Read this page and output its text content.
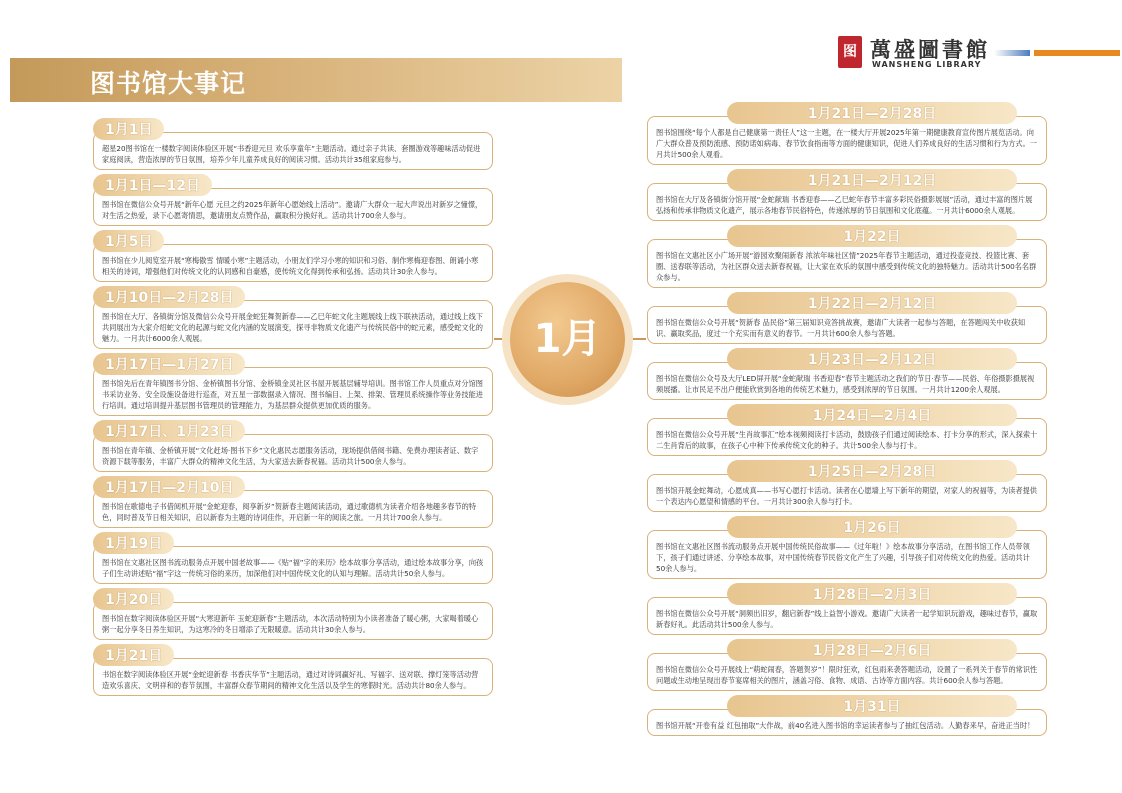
图书馆大事记
图 萬盛圖書館
WANSHENG LIBRARY
1月
1月1日
超星20图书馆在一楼数字阅读体验区开展“书香迎元旦 欢乐享童年”主题活动。通过亲子共读、套圈游戏等趣味活动促进家庭阅读，营造浓厚的节日氛围，培养少年儿童养成良好的阅读习惯。活动共计35组家庭参与。
1月1日—12日
图书馆在微信公众号开展“新年心愿 元旦之约2025年新年心愿始线上活动”。邀请广大群众一起大声说出对新岁之憧憬，对生活之热爱，录下心愿寄情思，邀请朋友点赞作品，赢取积分换好礼。活动共计700余人参与。
1月5日
图书馆在少儿阅览室开展“寒梅傲雪 情暖小寒”主题活动，小朋友们学习小寒的知识和习俗、制作寒梅迎春图、朗诵小寒相关的诗词，增强他们对传统文化的认同感和自豪感，使传统文化得到传承和弘扬。活动共计30余人参与。
1月10日—2月28日
图书馆在大厅、各镇街分馆及微信公众号开展金蛇狂舞贺新春——乙巳年蛇文化主题展线上线下联袂活动，通过线上线下共同展出为大家介绍蛇文化的起源与蛇文化内涵的发展演变，探寻非物质文化遗产与传统民俗中的蛇元素，感受蛇文化的魅力。一月共计6000余人观展。
1月17日—1月27日
图书馆先后在青年镇图书分馆、金桥镇图书分馆、金桥镇金灵社区书屋开展基层辅导培训。图书馆工作人员重点对分馆图书采访业务、安全设施设备进行巡查，对五星一部数据录入情况、图书编目、上架、排架、管理员系统操作等业务技能进行培训。通过培训提升基层图书管理员的管理能力，为基层群众提供更加优质的服务。
1月17日、1月23日
图书馆在青年镇、金桥镇开展“文化赶场·图书下乡”文化惠民志愿服务活动，现场提供借阅书籍、免费办理读者证、数字资源下载等服务，丰富广大群众的精神文化生活，为大家送去新春祝福。活动共计500余人参与。
1月17日—2月10日
图书馆在歌德电子书借阅机开展“金蛇迎春，阅享新岁”贺新春主题阅读活动，通过歌德机为读者介绍各地趣多春节的特色，同时普及节日相关知识，启以新春为主题的诗词佳作，开启新一年的阅读之旅。一月共计700余人参与。
1月19日
图书馆在文惠社区图书流动服务点开展中国老故事——《贴“福”字的来历》绘本故事分享活动，通过绘本故事分享，向孩子们生动讲述贴“福”字这一传统习俗的来历，加深他们对中国传统文化的认知与理解。活动共计50余人参与。
1月20日
图书馆在数字阅读体验区开展“大寒迎新年 玉蛇迎新春”主题活动，本次活动特别为小读者准备了暖心粥，大家喝着暖心粥一起分享冬日养生知识，为这寒冷的冬日增添了无限暖意。活动共计30余人参与。
1月21日
书馆在数字阅读体验区开展“金蛇迎新春 书香庆华节”主题活动，通过对诗词赢好礼、写福字、送对联、撑灯笼等活动营造欢乐喜庆、文明祥和的春节氛围，丰富群众春节期间的精神文化生活以及学生的寒假时光。活动共计80余人参与。
1月21日—2月28日
图书馆围绕“每个人都是自己健康第一责任人”这一主题，在一楼大厅开展2025年第一期健康教育宣传图片展览活动。向广大群众普及预防流感、预防诺如病毒、春节饮食指南等方面的健康知识，促进人们养成良好的生活习惯和行为方式。一月共计500余人观看。
1月21日—2月12日
图书馆在大厅及各镇街分馆开展“金蛇献瑞 书香迎春——乙巳蛇年春节丰富多彩民俗摄影展展”活动，通过丰富的图片展弘扬和传承非物质文化遗产，展示各地春节民俗特色，传递浓厚的节日氛围和文化底蕴。一月共计6000余人观展。
1月22日
图书馆在文惠社区小广场开展“游园欢聚闹新春 浓浓年味社区情”2025年春节主题活动，通过投壶竞技、投篮比赛、套圈、送春联等活动，为社区群众送去新春祝福，让大家在欢乐的氛围中感受到传统文化的独特魅力。活动共计500名名群众参与。
1月22日—2月12日
图书馆在微信公众号开展“贺新春 品民俗”第三届知识竞答挑战赛，邀请广大读者一起参与答题，在答题闯关中收获知识、赢取奖品，度过一个充实而有意义的春节。一月共计600余人参与答题。
1月23日—2月12日
图书馆在微信公众号及大厅LED屏开展“金蛇献瑞 书香迎春”春节主题活动之我们的节日·春节——民俗、年俗摄影摄展视频展播。让市民足不出户便能欣赏到各地的传统艺术魅力，感受到浓厚的节日氛围。一月共计1200余人观展。
1月24日—2月4日
图书馆在微信公众号开展“生肖故事汇”绘本视频阅读打卡活动，鼓励孩子们通过阅读绘本、打卡分享的形式，深入探索十二生肖背后的故事，在孩子心中种下传承传统文化的种子。共计500余人参与打卡。
1月25日—2月28日
图书馆开展金蛇舞动，心愿成真——书写心愿打卡活动。读者在心愿墙上写下新年的期望，对家人的祝福等，为读者提供一个表达内心愿望和情感的平台。一月共计300余人参与打卡。
1月26日
图书馆在文惠社区图书流动服务点开展中国传统民俗故事——《过年啦！》绘本故事分享活动，在图书馆工作人员带领下，孩子们通过讲述、分享绘本故事，对中国传统春节民俗文化产生了兴趣，引导孩子们对传统文化的热爱。活动共计50余人参与。
1月28日—2月3日
图书馆在微信公众号开展“洞频出旧岁，翻启新春”线上益智小游戏。邀请广大读者一起学知识玩游戏，趣味过春节，赢取新春好礼。此活动共计500余人参与。
1月28日—2月6日
图书馆在微信公众号开展线上“萌蛇闹春，答题贺岁”！限时狂欢，红包雨来袭答题活动，设置了一系列关于春节的常识性问题或生动地呈现出春节宴席相关的图片，涵盖习俗、食物、成语、古诗等方面内容。共计600余人参与答题。
1月31日
图书馆开展“开卷有益 红包抽取”大作战，前40名进入图书馆的幸运读者参与了抽红包活动。人勤春来早，奋进正当时！
